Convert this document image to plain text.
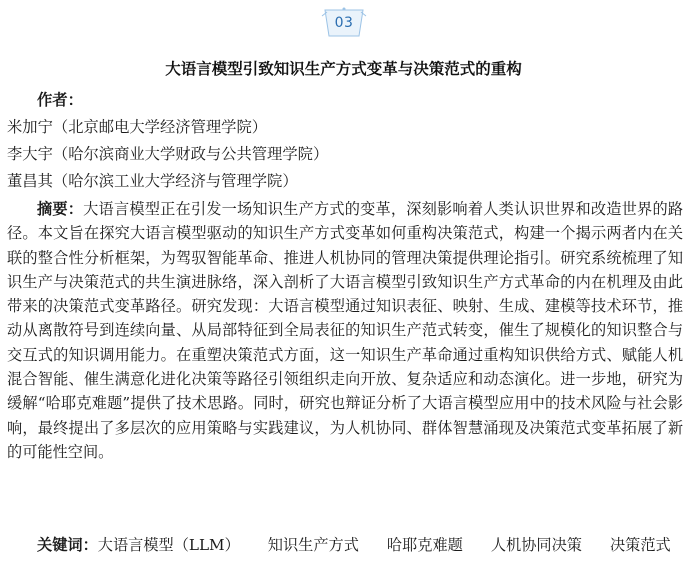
03
大语言模型引致知识生产方式变革与决策范式的重构
作者：
米加宁（北京邮电大学经济管理学院）
李大宇（哈尔滨商业大学财政与公共管理学院）
董昌其（哈尔滨工业大学经济与管理学院）
摘要：大语言模型正在引发一场知识生产方式的变革，深刻影响着人类认识世界和改造世界的路径。本文旨在探究大语言模型驱动的知识生产方式变革如何重构决策范式，构建一个揭示两者内在关联的整合性分析框架，为驾驭智能革命、推进人机协同的管理决策提供理论指引。研究系统梳理了知识生产与决策范式的共生演进脉络，深入剖析了大语言模型引致知识生产方式革命的内在机理及由此带来的决策范式变革路径。研究发现：大语言模型通过知识表征、映射、生成、建模等技术环节，推动从离散符号到连续向量、从局部特征到全局表征的知识生产范式转变，催生了规模化的知识整合与交互式的知识调用能力。在重塑决策范式方面，这一知识生产革命通过重构知识供给方式、赋能人机混合智能、催生满意化进化决策等路径引领组织走向开放、复杂适应和动态演化。进一步地，研究为缓解“哈耶克难题”提供了技术思路。同时，研究也辩证分析了大语言模型应用中的技术风险与社会影响，最终提出了多层次的应用策略与实践建议，为人机协同、群体智慧涌现及决策范式变革拓展了新的可能性空间。
关键词：大语言模型（LLM） 知识生产方式 哈耶克难题 人机协同决策 决策范式
